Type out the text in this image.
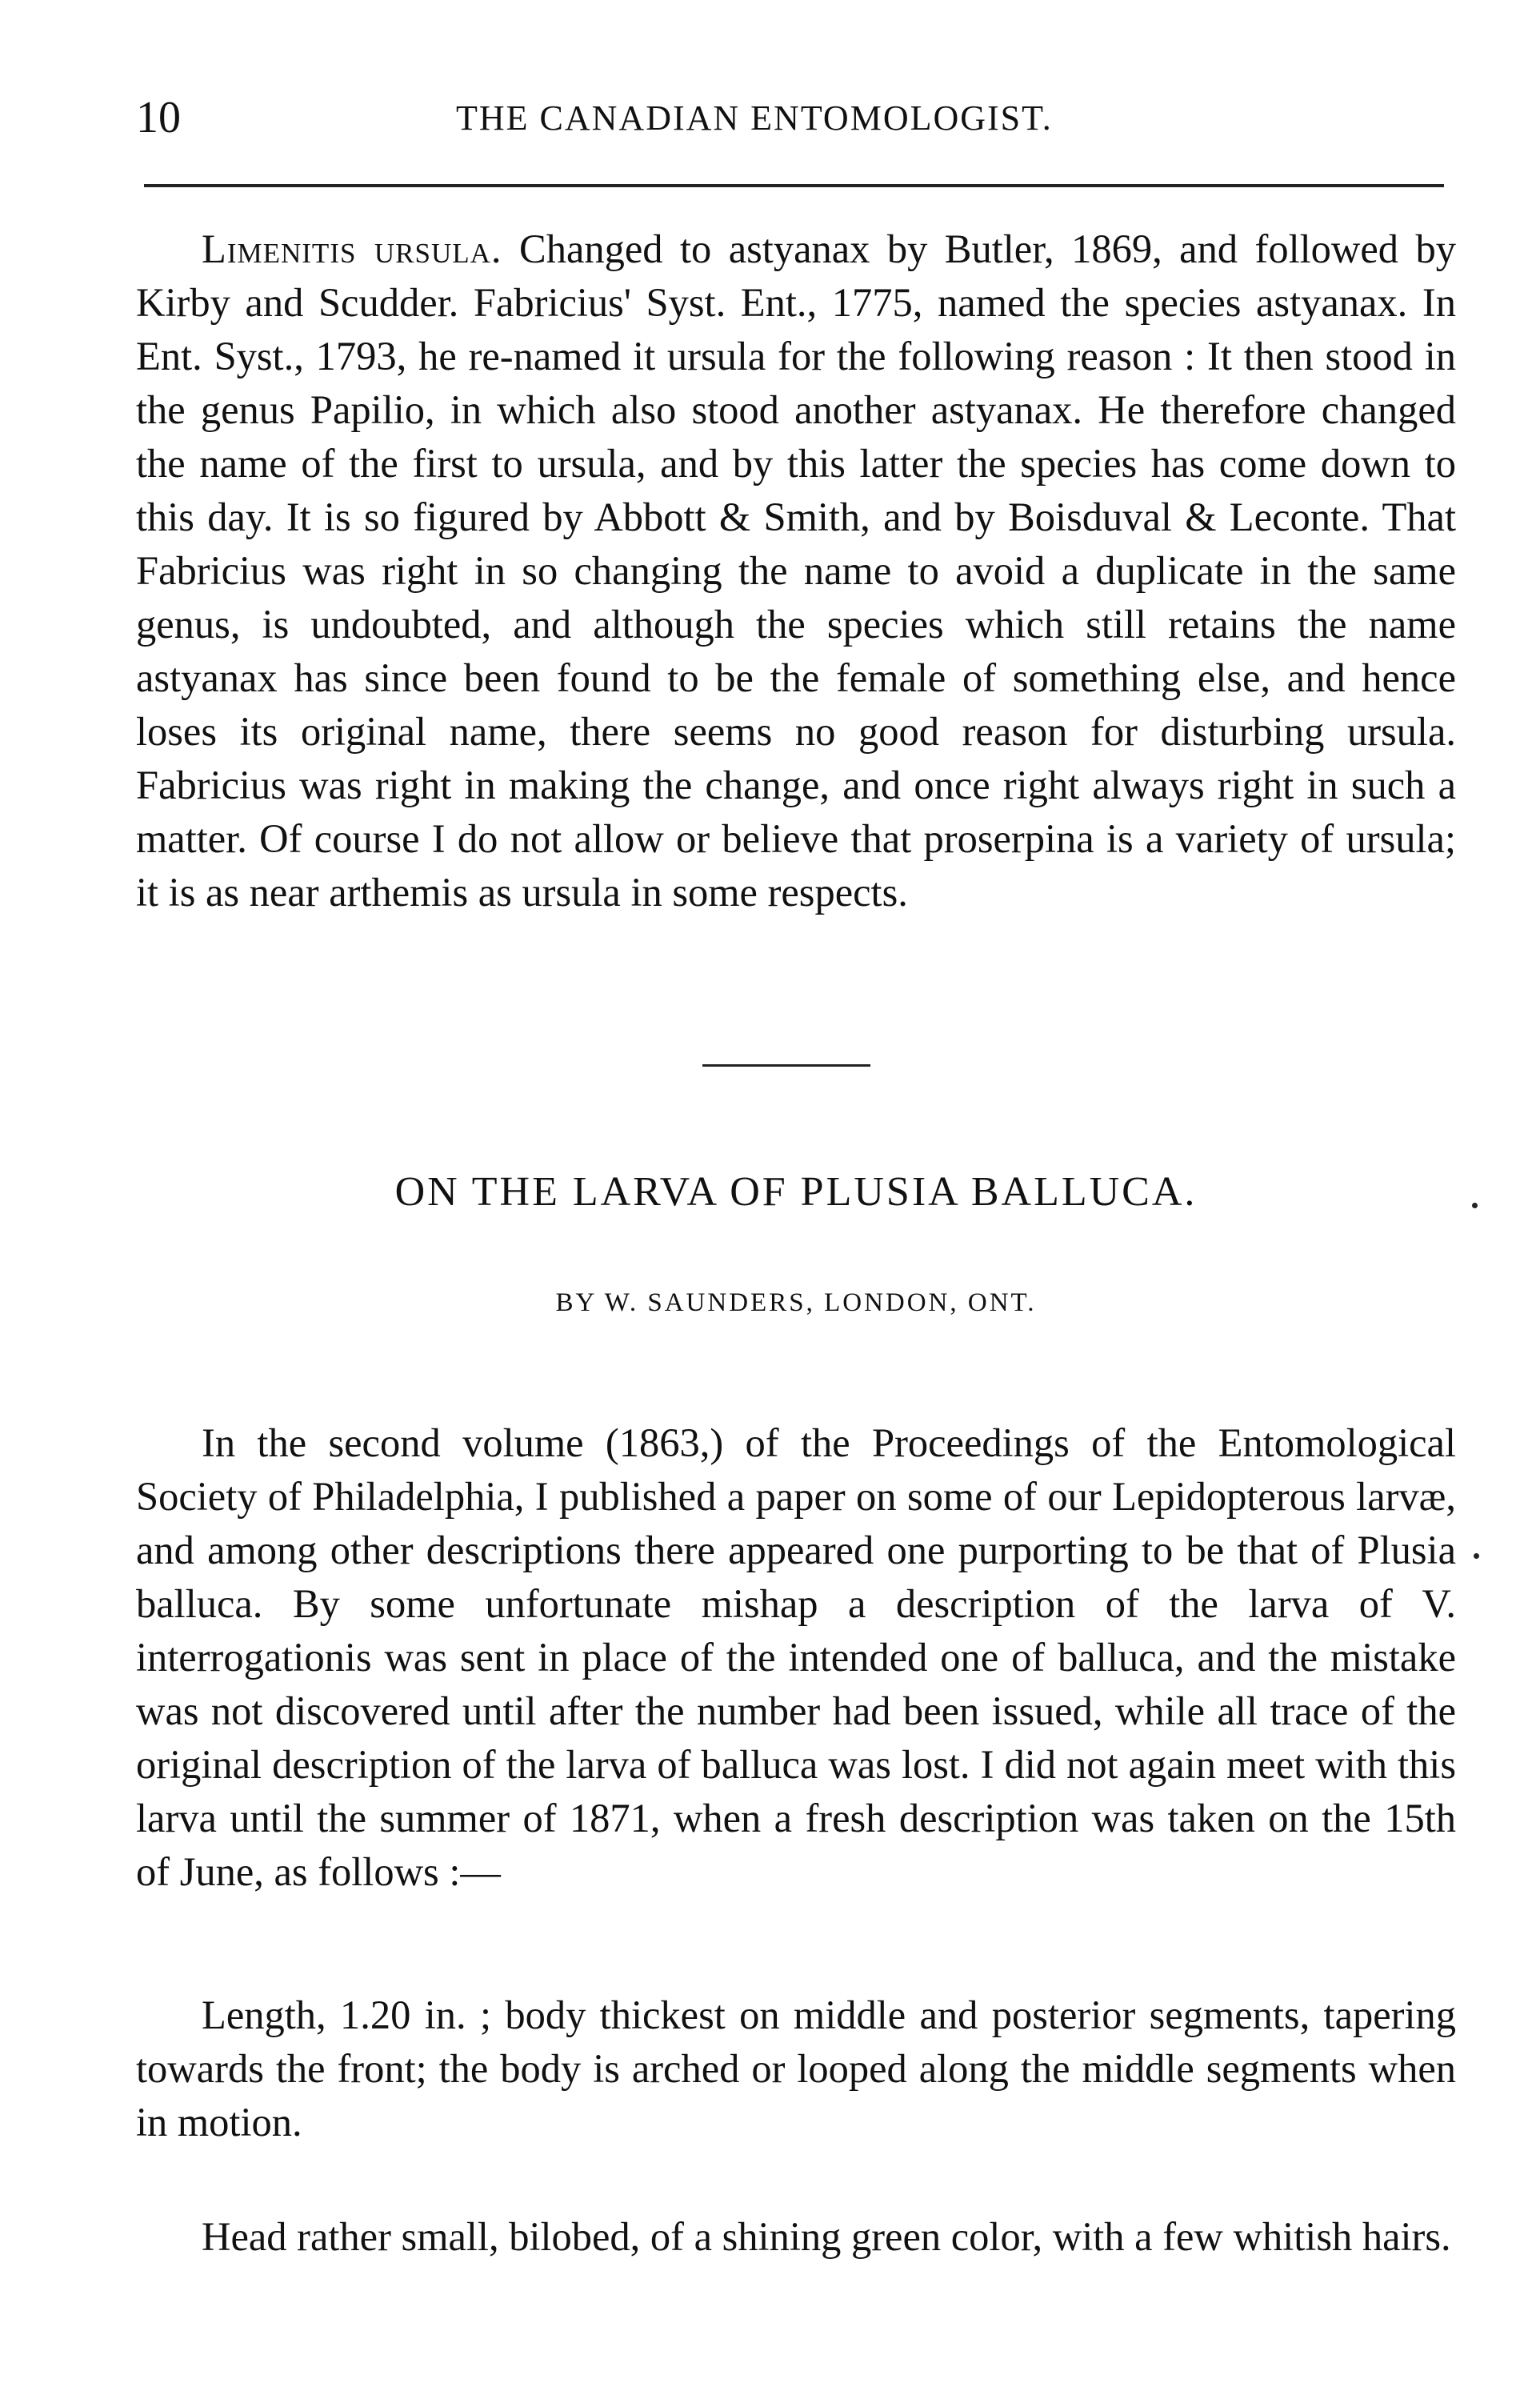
10	THE CANADIAN ENTOMOLOGIST.

Limenitis ursula. Changed to astyanax by Butler, 1869, and followed by Kirby and Scudder. Fabricius' Syst. Ent., 1775, named the species astyanax. In Ent. Syst., 1793, he re-named it ursula for the following reason : It then stood in the genus Papilio, in which also stood another astyanax. He therefore changed the name of the first to ursula, and by this latter the species has come down to this day. It is so figured by Abbott & Smith, and by Boisduval & Leconte. That Fabricius was right in so changing the name to avoid a duplicate in the same genus, is undoubted, and although the species which still retains the name astyanax has since been found to be the female of something else, and hence loses its original name, there seems no good reason for disturbing ursula. Fabricius was right in making the change, and once right always right in such a matter. Of course I do not allow or believe that proserpina is a variety of ursula; it is as near arthemis as ursula in some respects.

ON THE LARVA OF PLUSIA BALLUCA.
BY W. SAUNDERS, LONDON, ONT.

In the second volume (1863,) of the Proceedings of the Entomological Society of Philadelphia, I published a paper on some of our Lepidopterous larvæ, and among other descriptions there appeared one purporting to be that of Plusia balluca. By some unfortunate mishap a description of the larva of V. interrogationis was sent in place of the intended one of balluca, and the mistake was not discovered until after the number had been issued, while all trace of the original description of the larva of balluca was lost. I did not again meet with this larva until the summer of 1871, when a fresh description was taken on the 15th of June, as follows :—

Length, 1.20 in. ; body thickest on middle and posterior segments, tapering towards the front; the body is arched or looped along the middle segments when in motion.

Head rather small, bilobed, of a shining green color, with a few whitish hairs.
